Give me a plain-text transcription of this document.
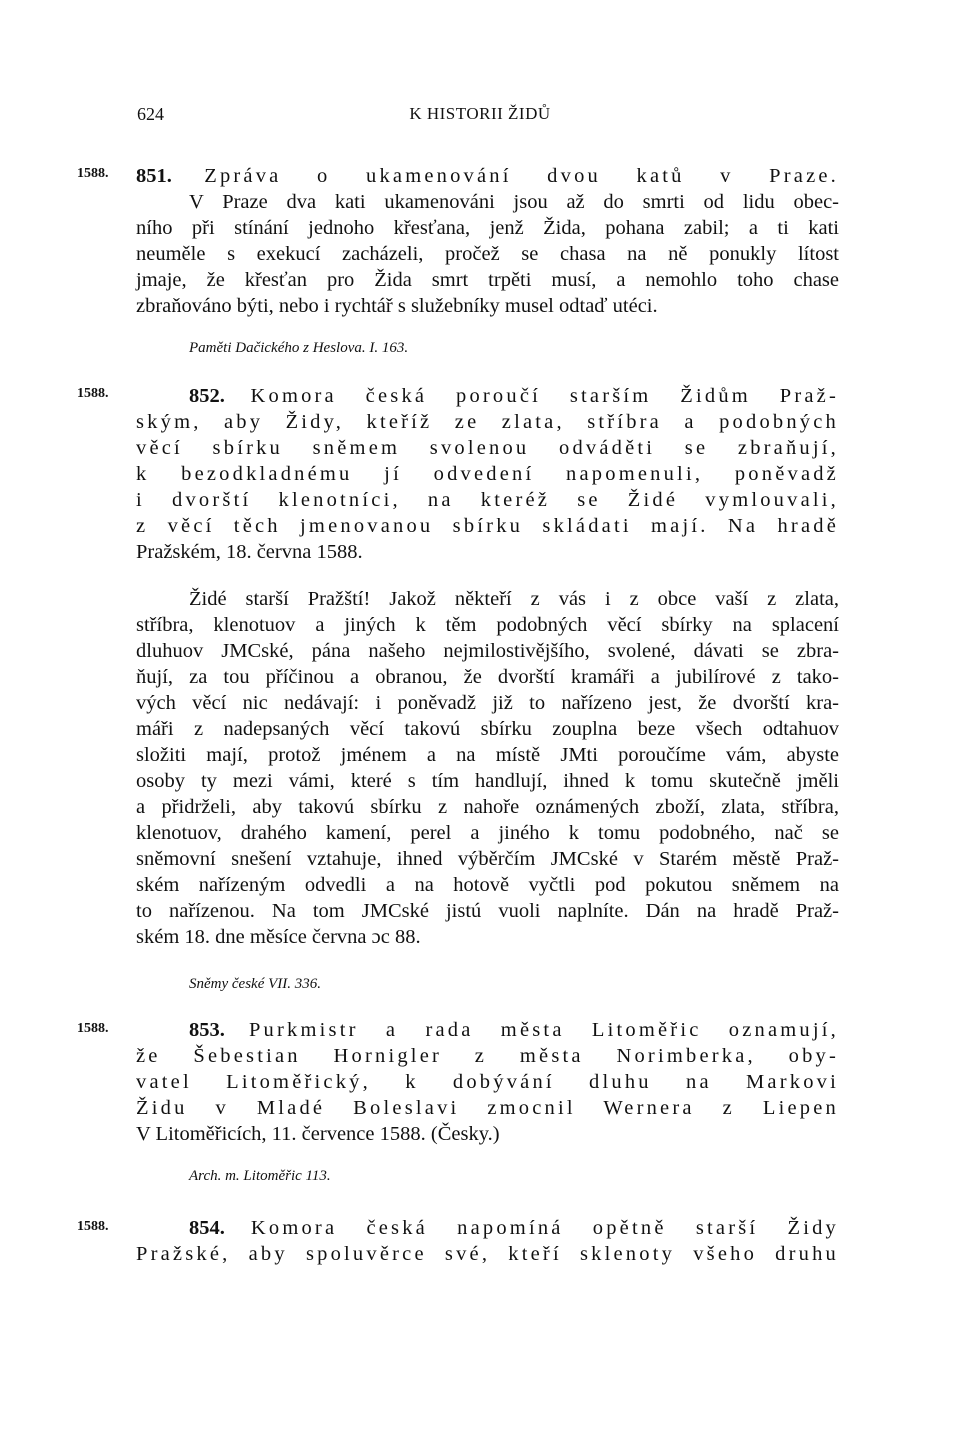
624	K HISTORII ŽIDŮ
1588. 851. Zpráva o ukamenování dvou katů v Praze.
V Praze dva kati ukamenováni jsou až do smrti od lidu obec-
ního při stínání jednoho křesťana, jenž Žida, pohana zabil; a ti kati
neuměle s exekucí zacházeli, pročež se chasa na ně ponukly lítost
jmaje, že křesťan pro Žida smrt trpěti musí, a nemohlo toho chase
zbraňováno býti, nebo i rychtář s služebníky musel odtaď utéci.
Paměti Dačického z Heslova. I. 163.
1588.	852. Komora česká poroučí starším Židům Praž-
ským, aby Židy, kteříž ze zlata, stříbra a podobných
věcí sbírku sněmem svolenou odváděti se zbraňují,
k bezodkladnému jí odvedení napomenuli, poněvadž
i dvorští klenotníci, na kteréž se Židé vymlouvali,
z věcí těch jmenovanou sbírku skládati mají. Na hradě
Pražském, 18. června 1588.
Židé starší Pražští! Jakož někteří z vás i z obce vaší z zlata,
stříbra, klenotuov a jiných k těm podobných věcí sbírky na splacení
dluhuov JMCské, pána našeho nejmilostivějšího, svolené, dávati se zbra-
ňují, za tou příčinou a obranou, že dvorští kramáři a jubilírové z tako-
vých věcí nic nedávají: i poněvadž již to nařízeno jest, že dvorští kra-
máři z nadepsaných věcí takovú sbírku zouplna beze všech odtahuov
složiti mají, protož jménem a na místě JMti poroučíme vám, abyste
osoby ty mezi vámi, které s tím handlují, ihned k tomu skutečně jměli
a přidrželi, aby takovú sbírku z nahoře oznámených zboží, zlata, stříbra,
klenotuov, drahého kamení, perel a jiného k tomu podobného, nač se
sněmovní snešení vztahuje, ihned výběrčím JMCské v Starém městě Praž-
ském nařízeným odvedli a na hotově vyčtli pod pokutou sněmem na
to nařízenou. Na tom JMCské jistú vuoli naplníte. Dán na hradě Praž-
ském 18. dne měsíce června ɔc 88.
Sněmy české VII. 336.
1588.	853. Purkmistr a rada města Litoměřic oznamují,
že Šebestian Hornigler z města Norimberka, oby-
vatel Litoměřický, k dobývání dluhu na Markovi
Židu v Mladé Boleslavi zmocnil Wernera z Liepen
V Litoměřicích, 11. července 1588. (Česky.)
Arch. m. Litoměřic 113.
1588.	854. Komora česká napomíná opětně starší Židy
Pražské, aby spoluvěrce své, kteří sklenoty všeho druhu
